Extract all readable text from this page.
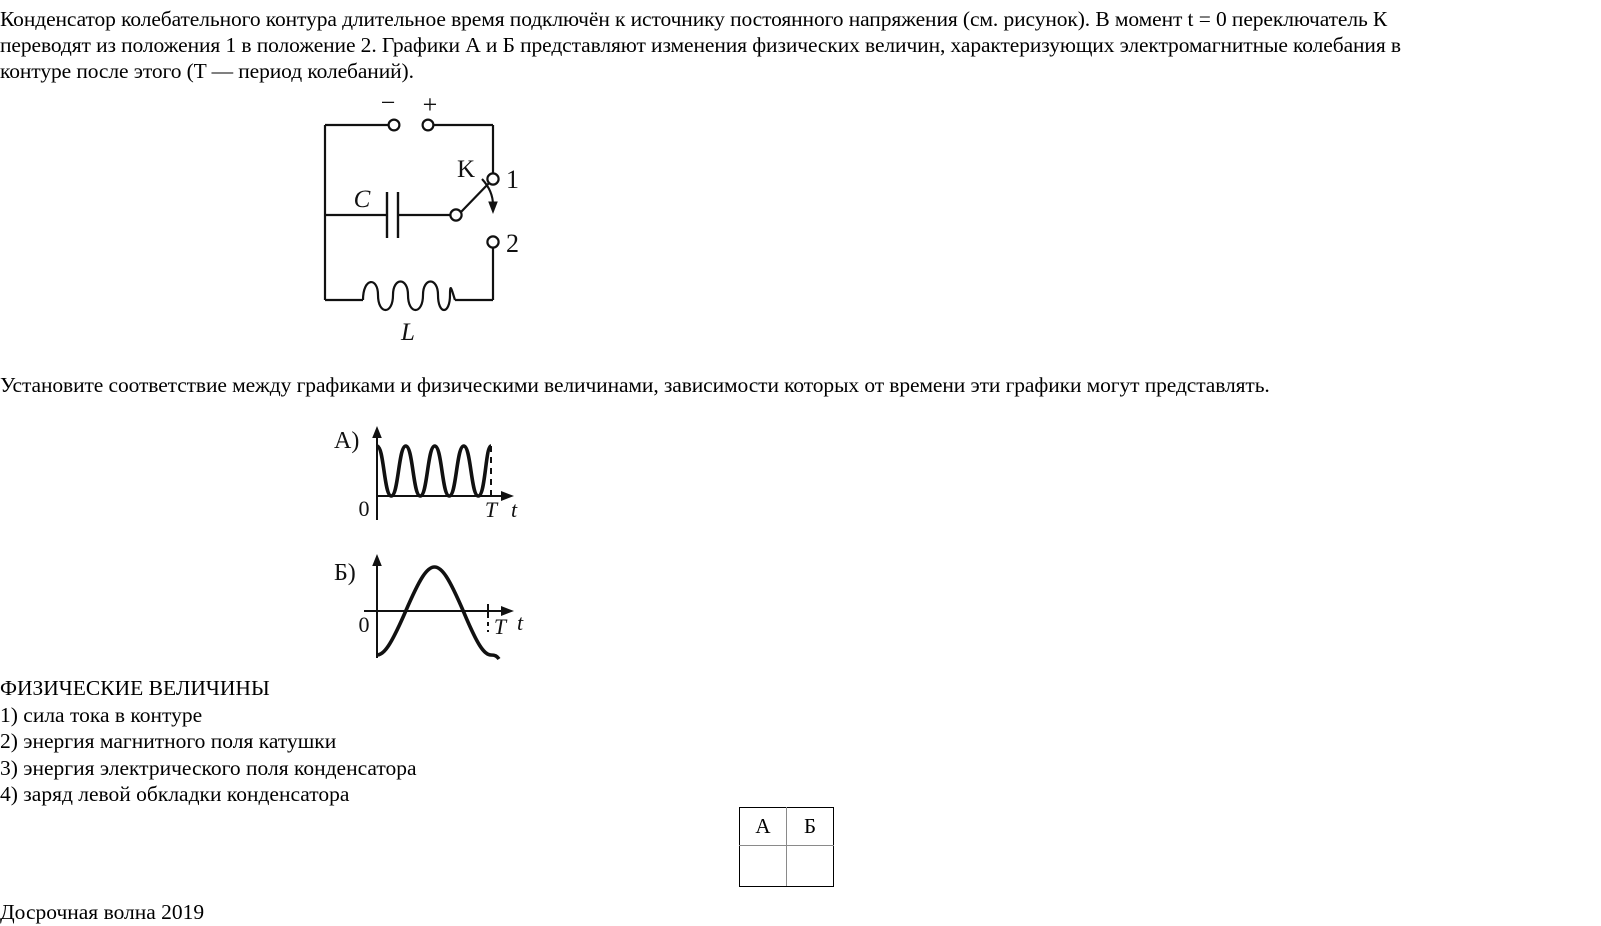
Конденсатор колебательного контура длительное время подключён к источнику постоянного напряжения (см. рисунок). В момент t = 0 переключатель К
переводят из положения 1 в положение 2. Графики А и Б представляют изменения физических величин, характеризующих электромагнитные колебания в
контуре после этого (T — период колебаний).
− +
C
L
K 1
2
Установите соответствие между графиками и физическими величинами, зависимости которых от времени эти графики могут представлять.
А)
0	T t
Б)
0	T t
ФИЗИЧЕСКИЕ ВЕЛИЧИНЫ
1) сила тока в контуре
2) энергия магнитного поля катушки
3) энергия электрического поля конденсатора
4) заряд левой обкладки конденсатора
А	Б

Досрочная волна 2019
